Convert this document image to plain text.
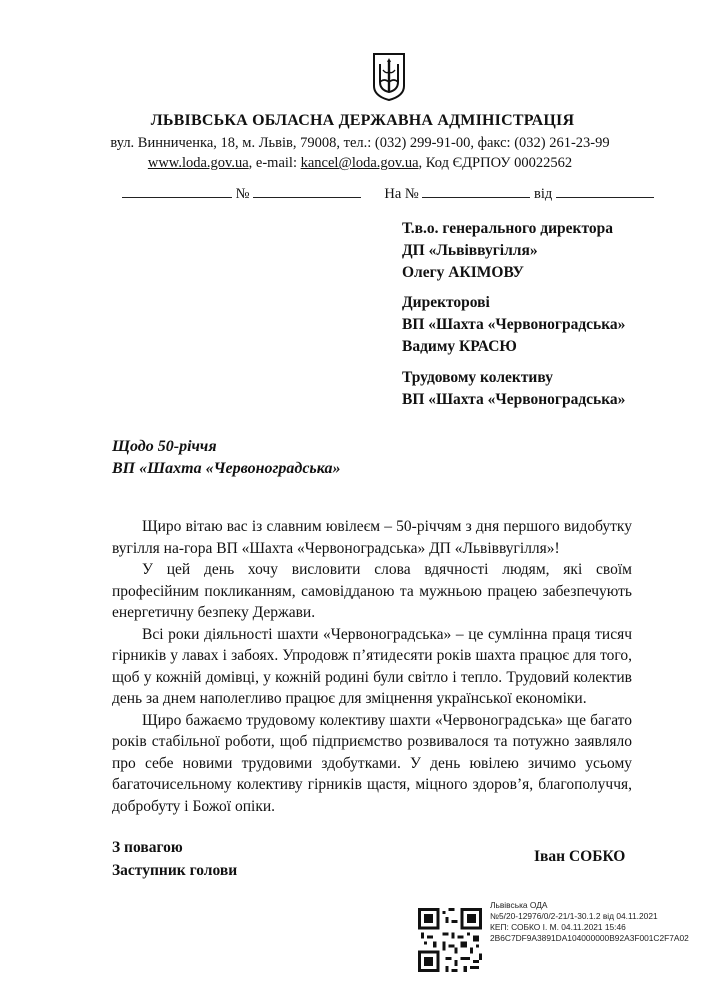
ЛЬВІВСЬКА ОБЛАСНА ДЕРЖАВНА АДМІНІСТРАЦІЯ
вул. Винниченка, 18, м. Львів, 79008, тел.: (032) 299-91-00, факс: (032) 261-23-99
www.loda.gov.ua, e-mail: kancel@loda.gov.ua, Код ЄДРПОУ 00022562
№	На №	від
Т.в.о. генерального директора
ДП «Львіввугілля»
Олегу АКІМОВУ
Директорові
ВП «Шахта «Червоноградська»
Вадиму КРАСЮ
Трудовому колективу
ВП «Шахта «Червоноградська»
Щодо 50-річчя
ВП «Шахта «Червоноградська»

Щиро вітаю вас із славним ювілеєм – 50-річчям з дня першого видобутку вугілля на-гора ВП «Шахта «Червоноградська» ДП «Львіввугілля»!

У цей день хочу висловити слова вдячності людям, які своїм професійним покликанням, самовідданою та мужньою працею забезпечують енергетичну безпеку Держави.

Всі роки діяльності шахти «Червоноградська» – це сумлінна праця тисяч гірників у лавах і забоях. Упродовж п’ятидесяти років шахта працює для того, щоб у кожній домівці, у кожній родині були світло і тепло. Трудовий колектив день за днем наполегливо працює для зміцнення української економіки.

Щиро бажаємо трудовому колективу шахти «Червоноградська» ще багато років стабільної роботи, щоб підприємство розвивалося та потужно заявляло про себе новими трудовими здобутками. У день ювілею зичимо усьому багаточисельному колективу гірників щастя, міцного здоров’я, благополуччя, добробуту і Божої опіки.

З повагою
Заступник голови
Іван СОБКО
Львівська ОДА
№5/20-12976/0/2-21/1-30.1.2 від 04.11.2021
КЕП: СОБКО І. М. 04.11.2021 15:46
2B6C7DF9A3891DA104000000B92A3F001C2F7A02
